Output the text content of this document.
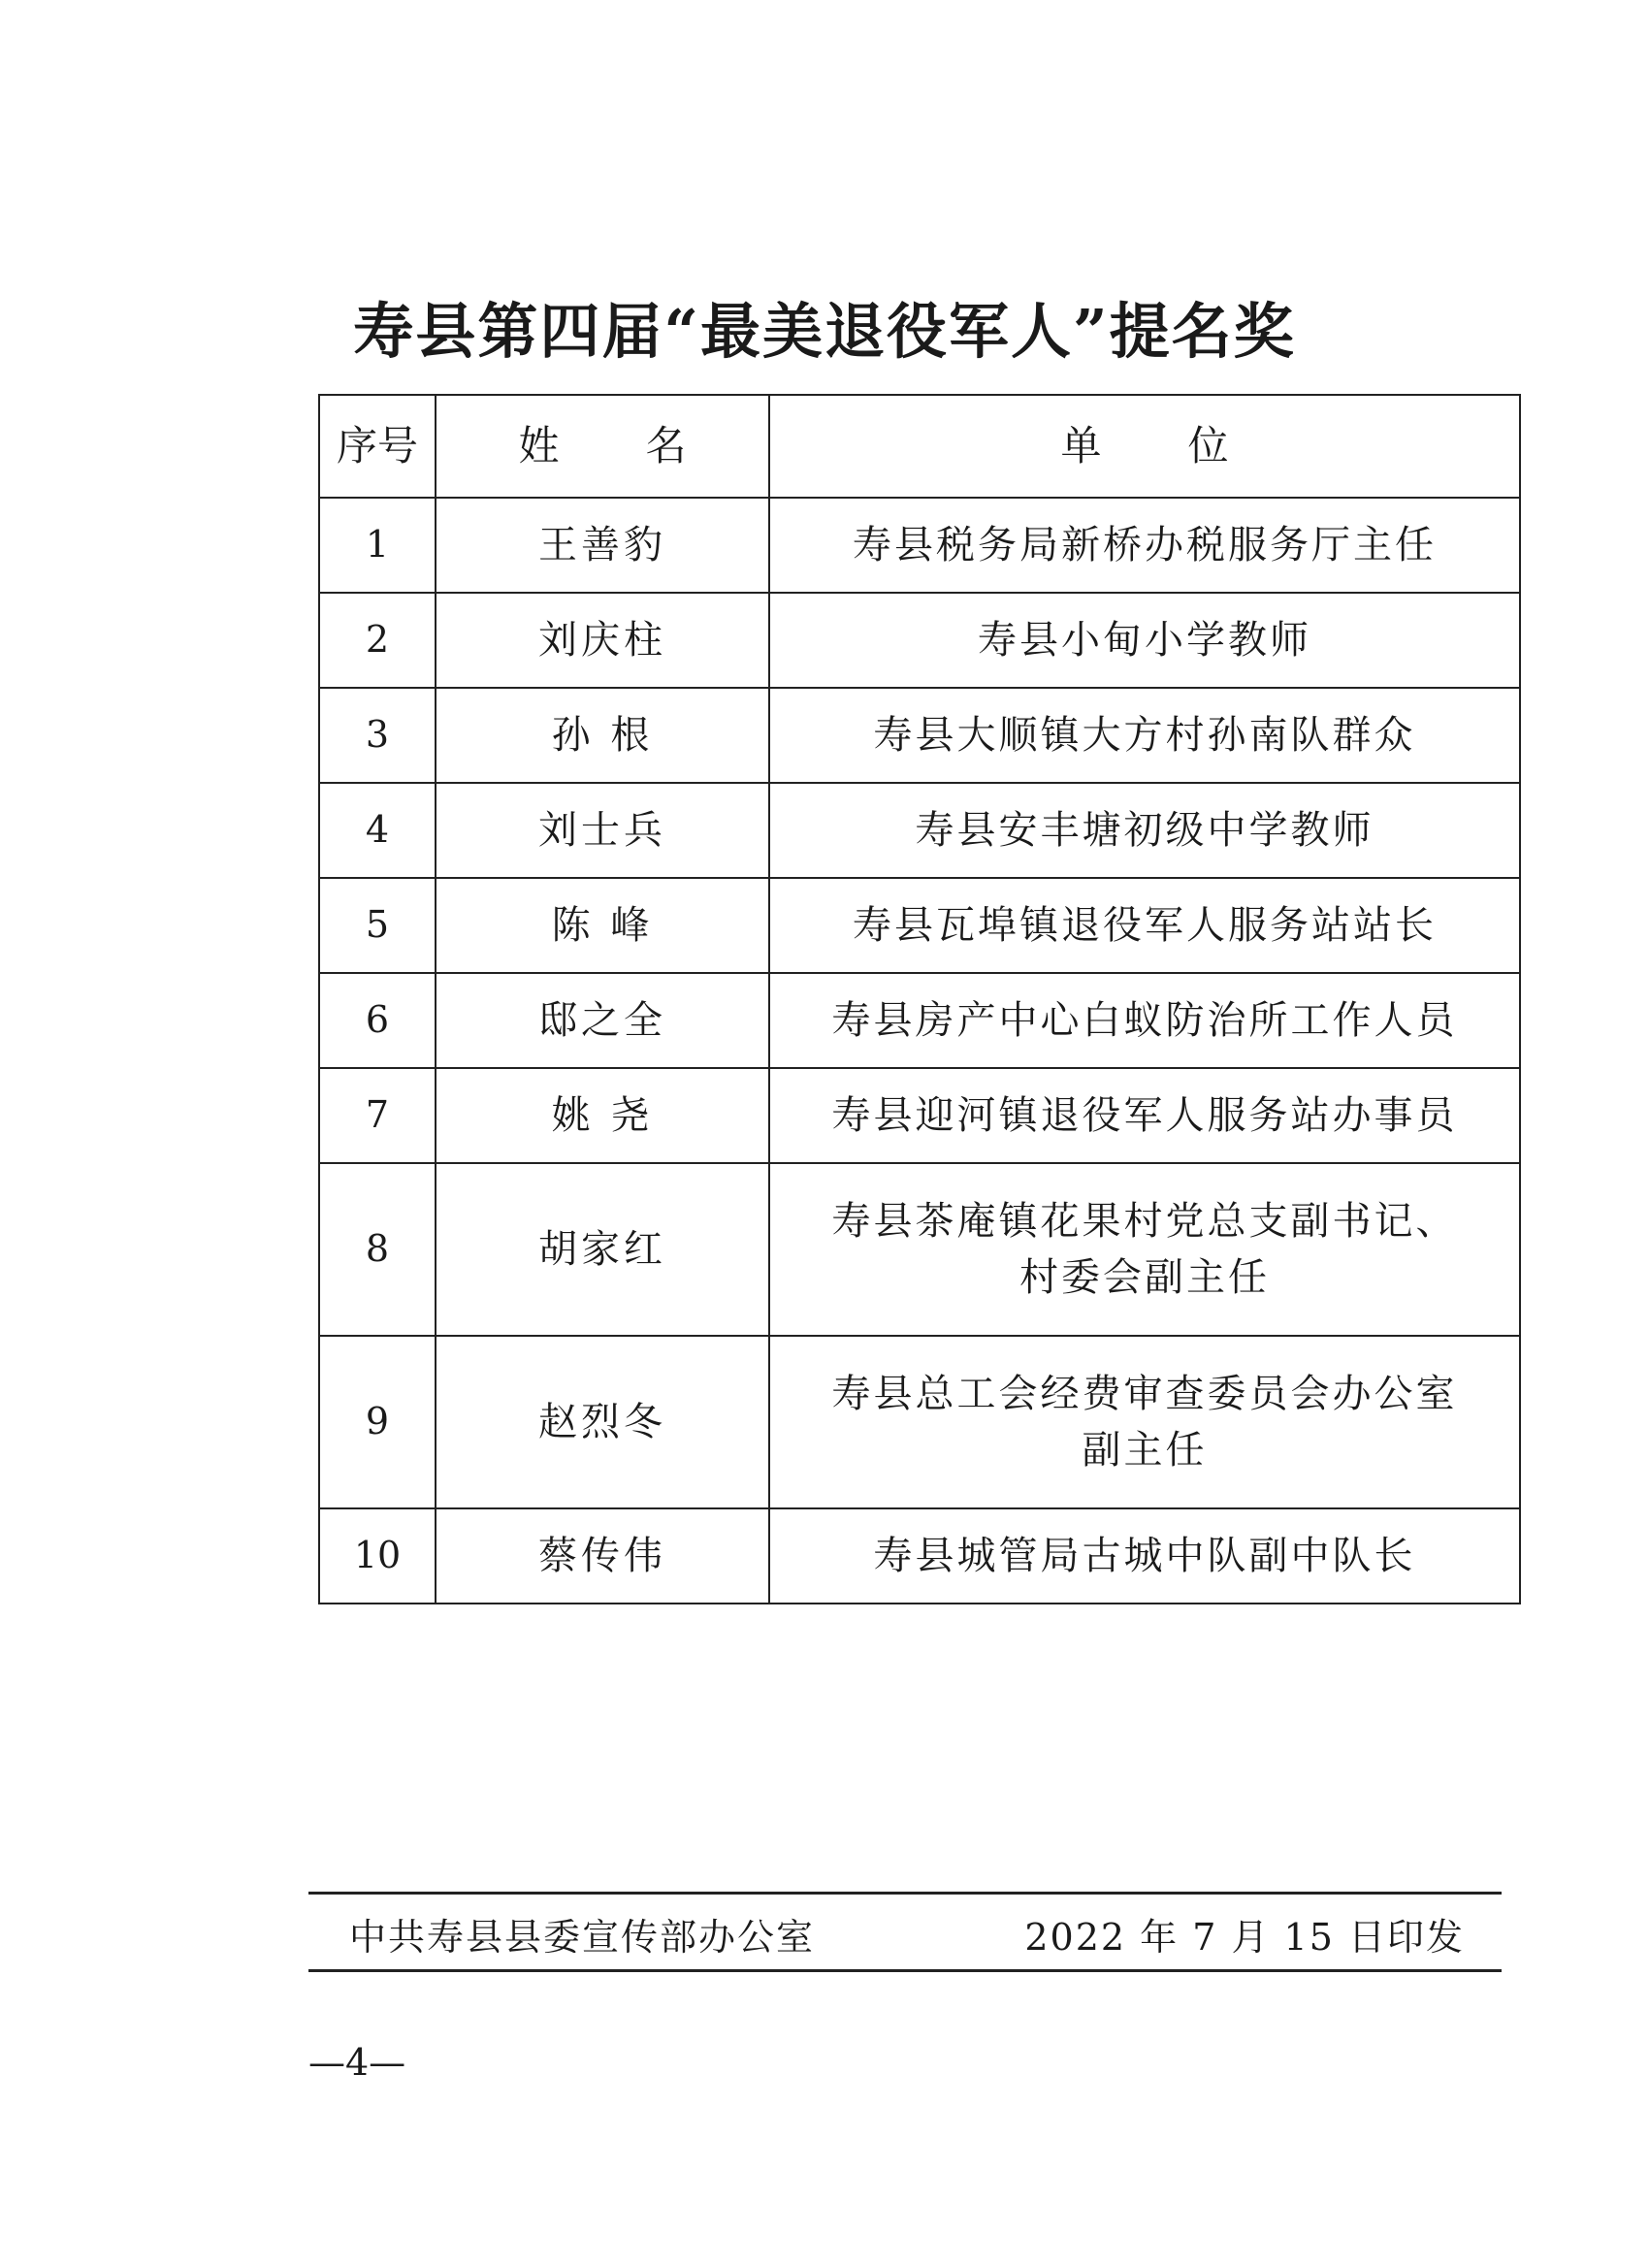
寿县第四届“最美退役军人”提名奖
序号	姓 名	单 位
1	王善豹	寿县税务局新桥办税服务厅主任
2	刘庆柱	寿县小甸小学教师
3	孙 根	寿县大顺镇大方村孙南队群众
4	刘士兵	寿县安丰塘初级中学教师
5	陈 峰	寿县瓦埠镇退役军人服务站站长
6	邸之全	寿县房产中心白蚁防治所工作人员
7	姚 尧	寿县迎河镇退役军人服务站办事员
8	胡家红	寿县茶庵镇花果村党总支副书记、
村委会副主任

9	赵烈冬	寿县总工会经费审查委员会办公室
副主任

10	蔡传伟	寿县城管局古城中队副中队长
中共寿县县委宣传部办公室	2022 年 7 月 15 日印发
—4—
